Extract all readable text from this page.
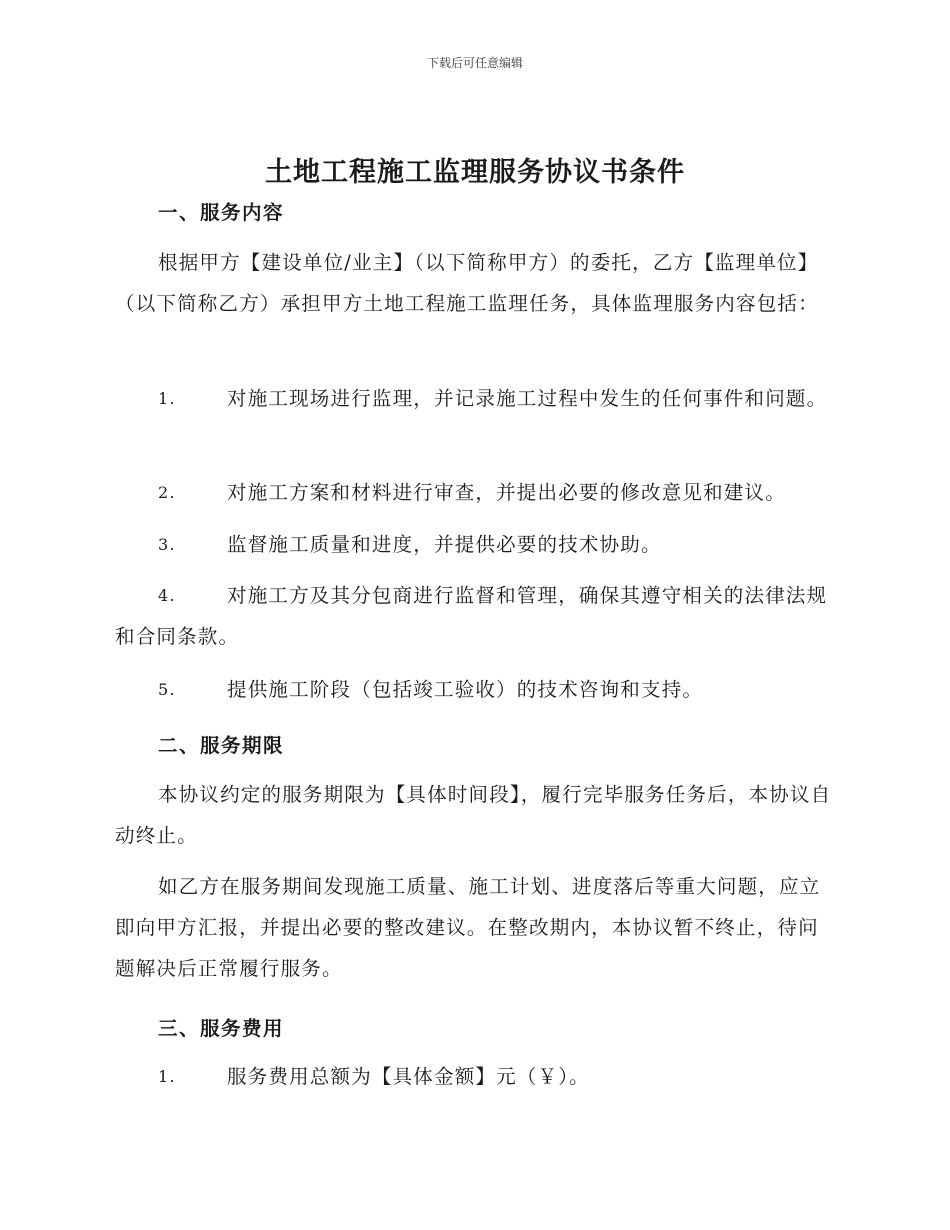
下载后可任意编辑
土地工程施工监理服务协议书条件
一、服务内容
根据甲方【建设单位/业主】（以下简称甲方）的委托，乙方【监理单位】（以下简称乙方）承担甲方土地工程施工监理任务，具体监理服务内容包括：
1.	对施工现场进行监理，并记录施工过程中发生的任何事件和问题。
2.	对施工方案和材料进行审查，并提出必要的修改意见和建议。
3.	监督施工质量和进度，并提供必要的技术协助。
4.	对施工方及其分包商进行监督和管理，确保其遵守相关的法律法规和合同条款。
5.	提供施工阶段（包括竣工验收）的技术咨询和支持。
二、服务期限
本协议约定的服务期限为【具体时间段】，履行完毕服务任务后，本协议自动终止。
如乙方在服务期间发现施工质量、施工计划、进度落后等重大问题，应立即向甲方汇报，并提出必要的整改建议。在整改期内，本协议暂不终止，待问题解决后正常履行服务。
三、服务费用
1.	服务费用总额为【具体金额】元（￥）。
